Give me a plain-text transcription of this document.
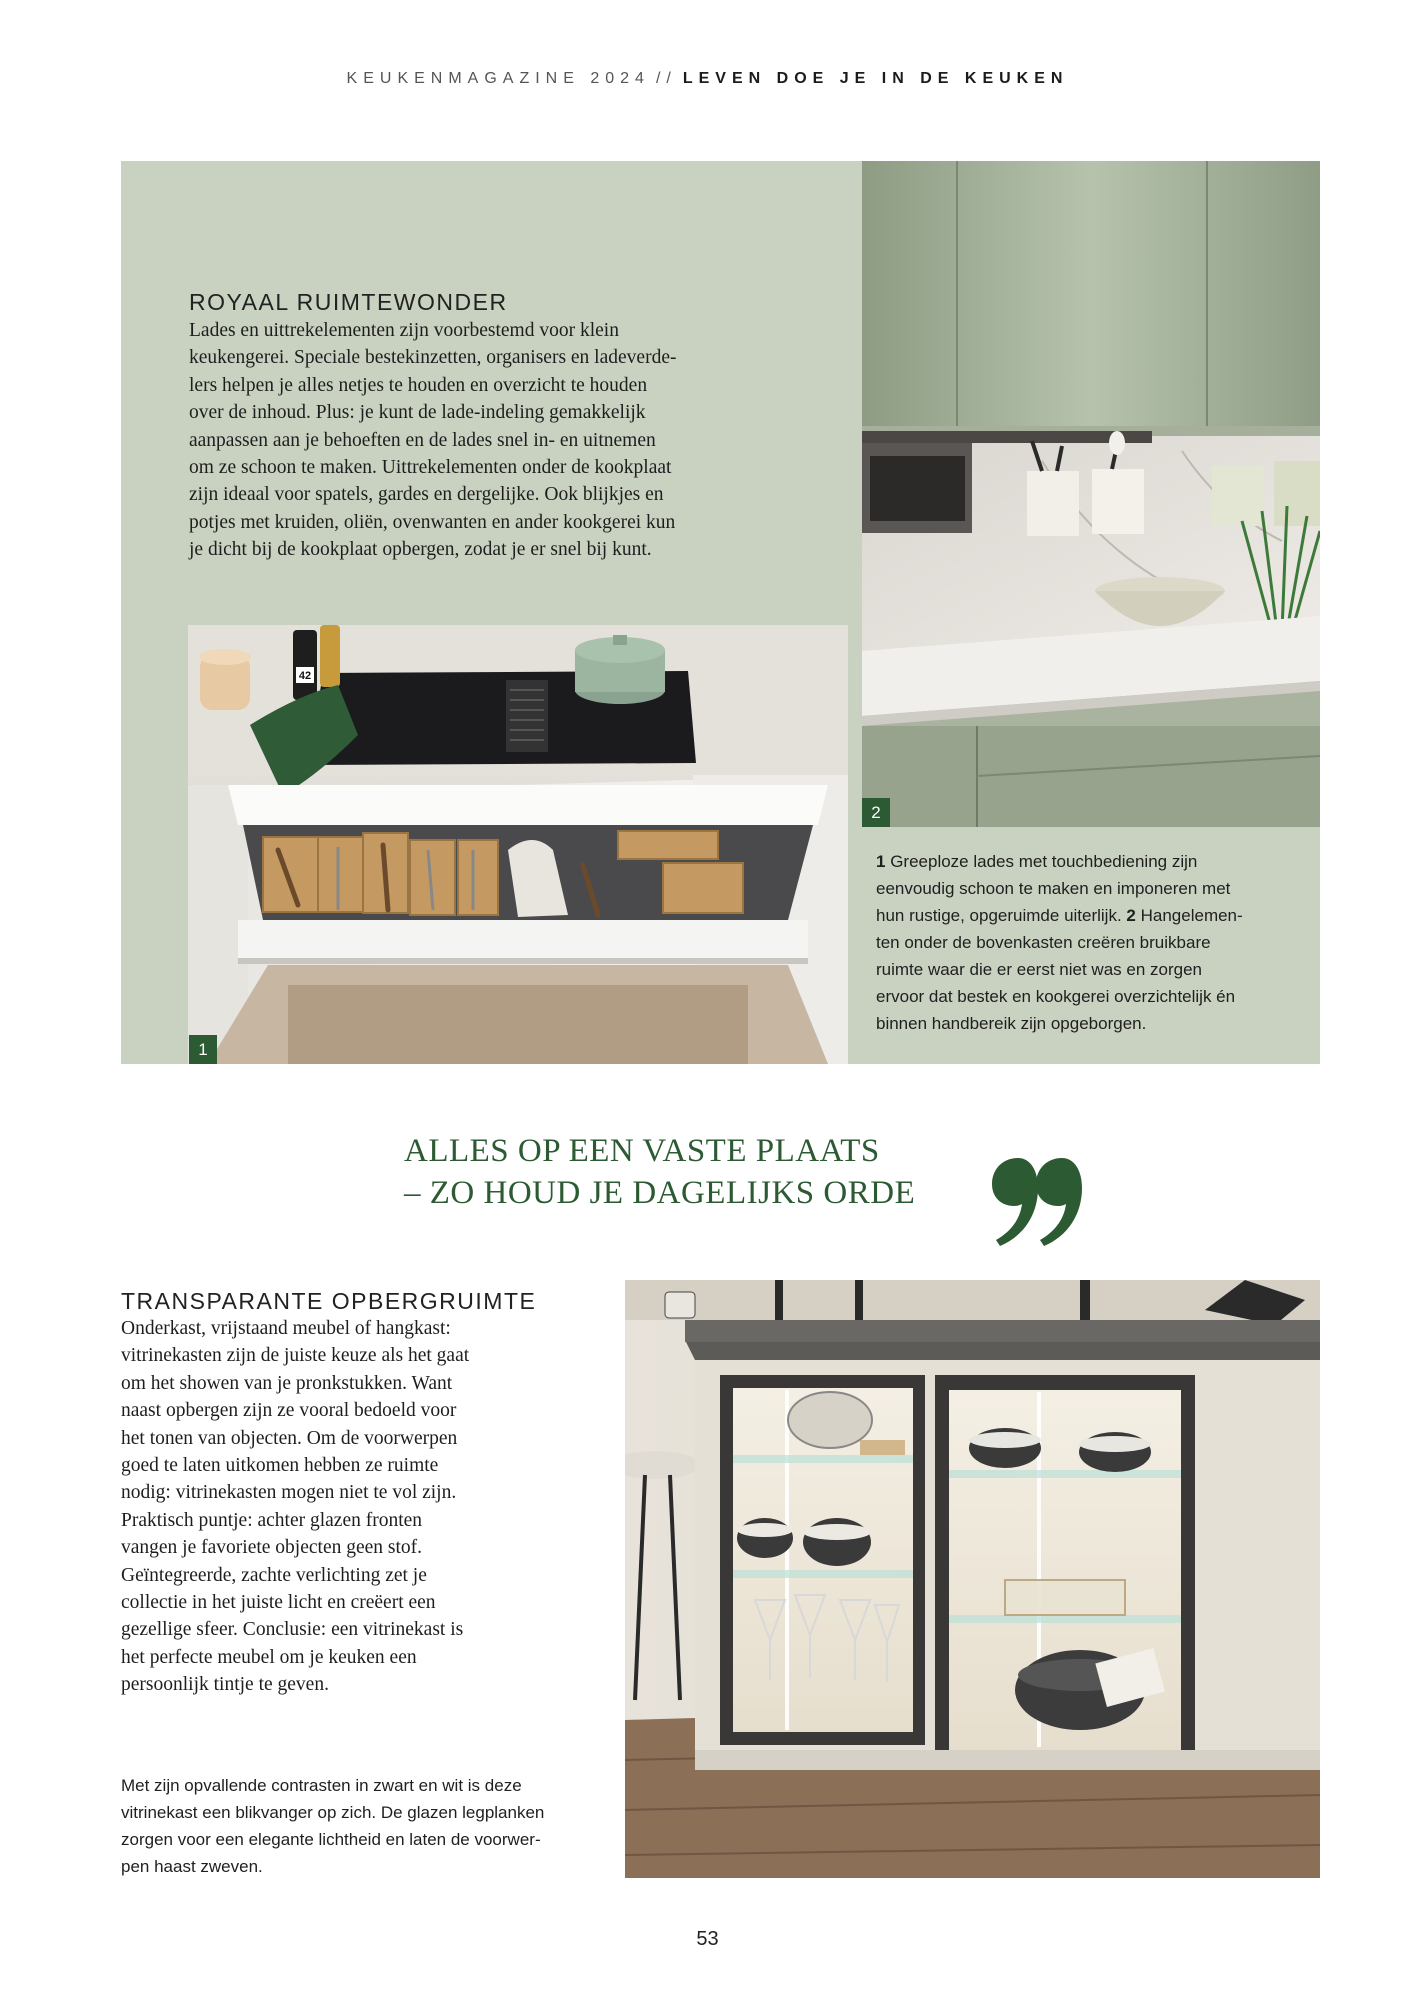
KEUKENMAGAZINE 2024 // LEVEN DOE JE IN DE KEUKEN
ROYAAL RUIMTEWONDER
Lades en uittrekelementen zijn voorbestemd voor klein
keukengerei. Speciale bestekinzetten, organisers en ladeverde-
lers helpen je alles netjes te houden en overzicht te houden
over de inhoud. Plus: je kunt de lade-indeling gemakkelijk
aanpassen aan je behoeften en de lades snel in- en uitnemen
om ze schoon te maken. Uittrekelementen onder de kookplaat
zijn ideaal voor spatels, gardes en dergelijke. Ook blijkjes en
potjes met kruiden, oliën, ovenwanten en ander kookgerei kun
je dicht bij de kookplaat opbergen, zodat je er snel bij kunt.
42
1
2
1 Greeploze lades met touchbediening zijn
eenvoudig schoon te maken en imponeren met
hun rustige, opgeruimde uiterlijk. 2 Hangelemen-
ten onder de bovenkasten creëren bruikbare
ruimte waar die er eerst niet was en zorgen
ervoor dat bestek en kookgerei overzichtelijk én
binnen handbereik zijn opgeborgen.
ALLES OP EEN VASTE PLAATS
– ZO HOUD JE DAGELIJKS ORDE
TRANSPARANTE OPBERGRUIMTE
Onderkast, vrijstaand meubel of hangkast:
vitrinekasten zijn de juiste keuze als het gaat
om het showen van je pronkstukken. Want
naast opbergen zijn ze vooral bedoeld voor
het tonen van objecten. Om de voorwerpen
goed te laten uitkomen hebben ze ruimte
nodig: vitrinekasten mogen niet te vol zijn.
Praktisch puntje: achter glazen fronten
vangen je favoriete objecten geen stof.
Geïntegreerde, zachte verlichting zet je
collectie in het juiste licht en creëert een
gezellige sfeer. Conclusie: een vitrinekast is
het perfecte meubel om je keuken een
persoonlijk tintje te geven.
Met zijn opvallende contrasten in zwart en wit is deze
vitrinekast een blikvanger op zich. De glazen legplanken
zorgen voor een elegante lichtheid en laten de voorwer-
pen haast zweven.
53
